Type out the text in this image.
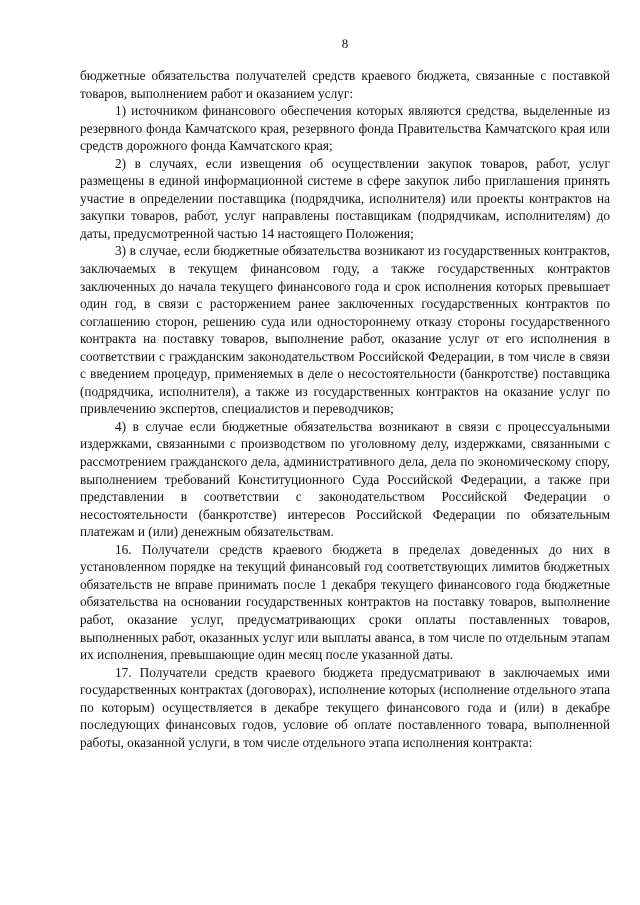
8

бюджетные обязательства получателей средств краевого бюджета, связанные с поставкой товаров, выполнением работ и оказанием услуг:

1) источником финансового обеспечения которых являются средства, выделенные из резервного фонда Камчатского края, резервного фонда Правительства Камчатского края или средств дорожного фонда Камчатского края;

2) в случаях, если извещения об осуществлении закупок товаров, работ, услуг размещены в единой информационной системе в сфере закупок либо приглашения принять участие в определении поставщика (подрядчика, исполнителя) или проекты контрактов на закупки товаров, работ, услуг направлены поставщикам (подрядчикам, исполнителям) до даты, предусмотренной частью 14 настоящего Положения;

3) в случае, если бюджетные обязательства возникают из государственных контрактов, заключаемых в текущем финансовом году, а также государственных контрактов заключенных до начала текущего финансового года и срок исполнения которых превышает один год, в связи с расторжением ранее заключенных государственных контрактов по соглашению сторон, решению суда или одностороннему отказу стороны государственного контракта на поставку товаров, выполнение работ, оказание услуг от его исполнения в соответствии с гражданским законодательством Российской Федерации, в том числе в связи с введением процедур, применяемых в деле о несостоятельности (банкротстве) поставщика (подрядчика, исполнителя), а также из государственных контрактов на оказание услуг по привлечению экспертов, специалистов и переводчиков;

4) в случае если бюджетные обязательства возникают в связи с процессуальными издержками, связанными с производством по уголовному делу, издержками, связанными с рассмотрением гражданского дела, административного дела, дела по экономическому спору, выполнением требований Конституционного Суда Российской Федерации, а также при представлении в соответствии с законодательством Российской Федерации о несостоятельности (банкротстве) интересов Российской Федерации по обязательным платежам и (или) денежным обязательствам.

16. Получатели средств краевого бюджета в пределах доведенных до них в установленном порядке на текущий финансовый год соответствующих лимитов бюджетных обязательств не вправе принимать после 1 декабря текущего финансового года бюджетные обязательства на основании государственных контрактов на поставку товаров, выполнение работ, оказание услуг, предусматривающих сроки оплаты поставленных товаров, выполненных работ, оказанных услуг или выплаты аванса, в том числе по отдельным этапам их исполнения, превышающие один месяц после указанной даты.

17. Получатели средств краевого бюджета предусматривают в заключаемых ими государственных контрактах (договорах), исполнение которых (исполнение отдельного этапа по которым) осуществляется в декабре текущего финансового года и (или) в декабре последующих финансовых годов, условие об оплате поставленного товара, выполненной работы, оказанной услуги, в том числе отдельного этапа исполнения контракта:
